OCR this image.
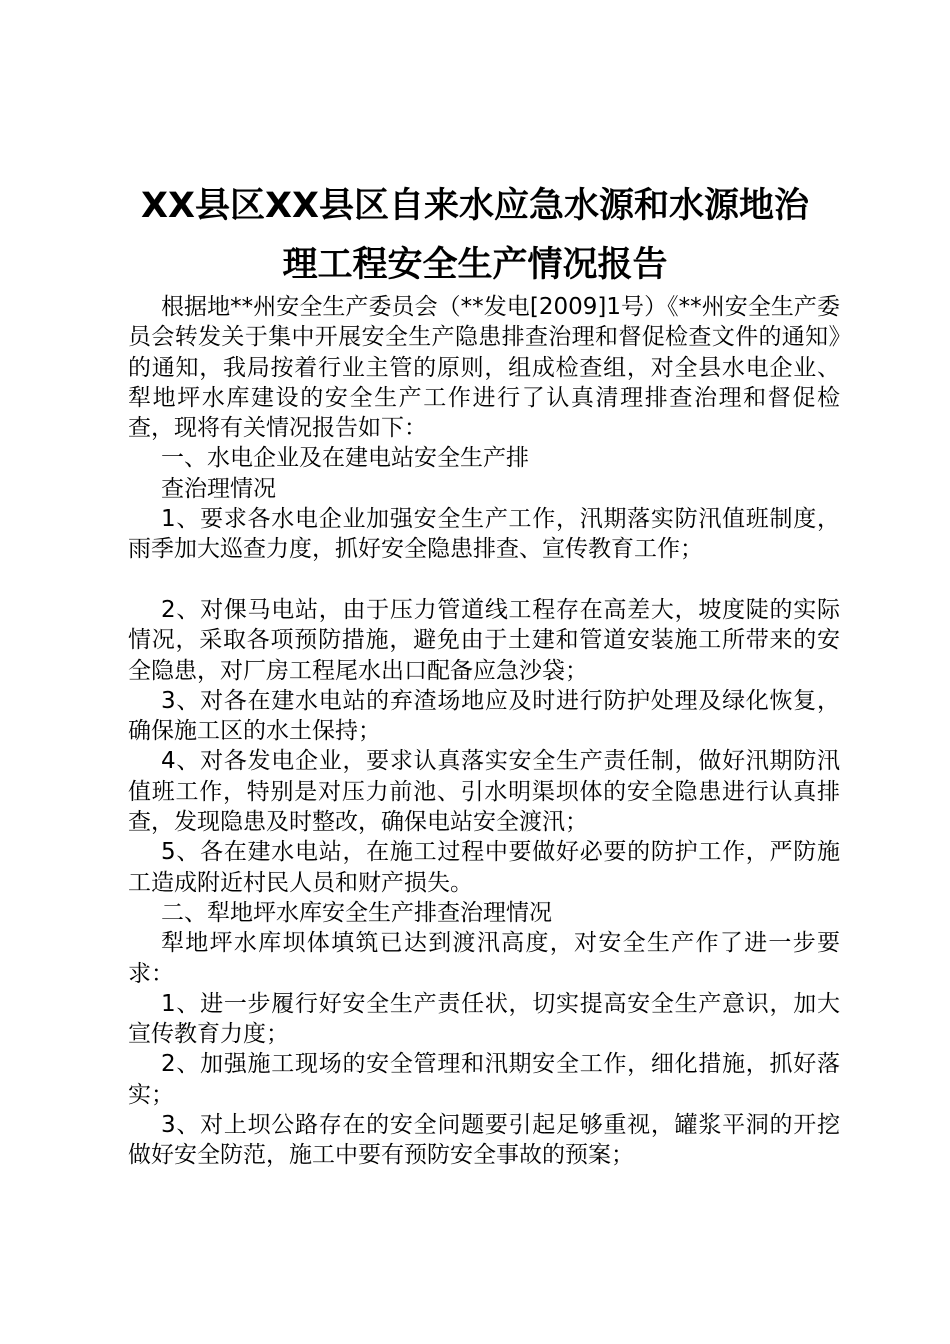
XX县区XX县区自来水应急水源和水源地治
理工程安全生产情况报告

根据地**州安全生产委员会（**发电[2009]1号）《**州安全生产委员会转发关于集中开展安全生产隐患排查治理和督促检查文件的通知》的通知，我局按着行业主管的原则，组成检查组，对全县水电企业、犁地坪水库建设的安全生产工作进行了认真清理排查治理和督促检查，现将有关情况报告如下：

一、水电企业及在建电站安全生产排

查治理情况

1、要求各水电企业加强安全生产工作，汛期落实防汛值班制度，雨季加大巡查力度，抓好安全隐患排查、宣传教育工作；

2、对倮马电站，由于压力管道线工程存在高差大，坡度陡的实际情况，采取各项预防措施，避免由于土建和管道安装施工所带来的安全隐患，对厂房工程尾水出口配备应急沙袋；

3、对各在建水电站的弃渣场地应及时进行防护处理及绿化恢复，确保施工区的水土保持；

4、对各发电企业，要求认真落实安全生产责任制，做好汛期防汛值班工作，特别是对压力前池、引水明渠坝体的安全隐患进行认真排查，发现隐患及时整改，确保电站安全渡汛；

5、各在建水电站，在施工过程中要做好必要的防护工作，严防施工造成附近村民人员和财产损失。

二、犁地坪水库安全生产排查治理情况

犁地坪水库坝体填筑已达到渡汛高度，对安全生产作了进一步要求：

1、进一步履行好安全生产责任状，切实提高安全生产意识，加大宣传教育力度；

2、加强施工现场的安全管理和汛期安全工作，细化措施，抓好落实；

3、对上坝公路存在的安全问题要引起足够重视，罐浆平洞的开挖做好安全防范，施工中要有预防安全事故的预案；
